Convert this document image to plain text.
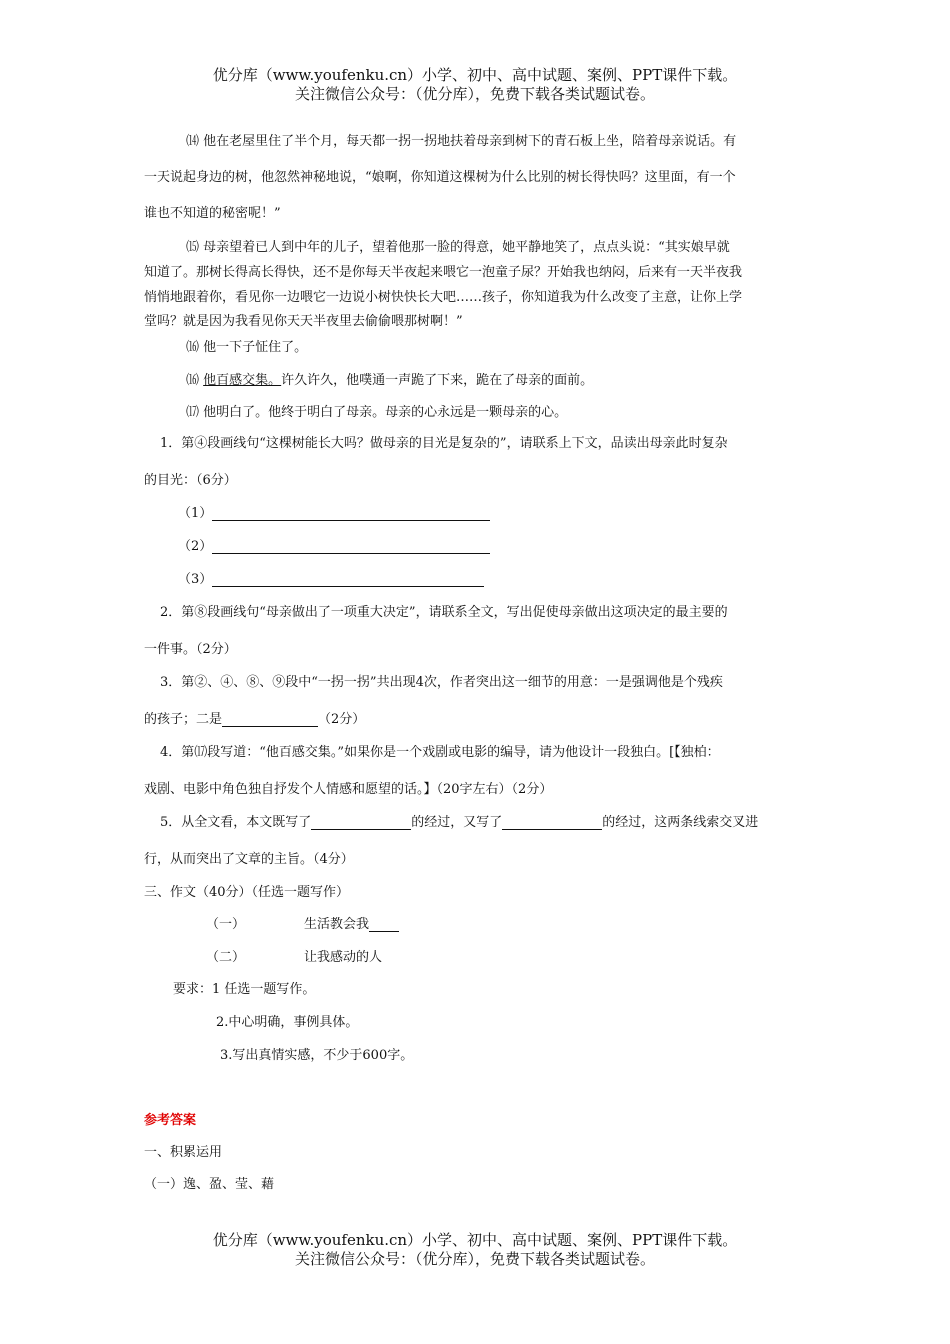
优分库（www.youfenku.cn）小学、初中、高中试题、案例、PPT课件下载。
关注微信公众号：（优分库），免费下载各类试题试卷。
⒁ 他在老屋里住了半个月，每天都一拐一拐地扶着母亲到树下的青石板上坐，陪着母亲说话。有
一天说起身边的树，他忽然神秘地说，“娘啊，你知道这棵树为什么比别的树长得快吗？这里面，有一个
谁也不知道的秘密呢！”
⒂ 母亲望着已人到中年的儿子，望着他那一脸的得意，她平静地笑了，点点头说：“其实娘早就
知道了。那树长得高长得快，还不是你每天半夜起来喂它一泡童子尿？开始我也纳闷，后来有一天半夜我
悄悄地跟着你，看见你一边喂它一边说小树快快长大吧……孩子，你知道我为什么改变了主意，让你上学
堂吗？就是因为我看见你天天半夜里去偷偷喂那树啊！”
⒃ 他一下子怔住了。
⒃ 他百感交集。许久许久，他噗通一声跪了下来，跪在了母亲的面前。
⒄ 他明白了。他终于明白了母亲。母亲的心永远是一颗母亲的心。
1．第④段画线句“这棵树能长大吗？做母亲的目光是复杂的”，请联系上下文，品读出母亲此时复杂
的目光：（6分）
（1）
（2）
（3）
2．第⑧段画线句“母亲做出了一项重大决定”，请联系全文，写出促使母亲做出这项决定的最主要的
一件事。（2分）
3．第②、④、⑧、⑨段中“一拐一拐”共出现4次，作者突出这一细节的用意：一是强调他是个残疾
的孩子；二是	（2分）
4．第⒄段写道：“他百感交集。”如果你是一个戏剧或电影的编导，请为他设计一段独白。[【独柏：
戏剧、电影中角色独自抒发个人情感和愿望的话。】（20字左右）（2分）
5．从全文看，本文既写了	的经过，又写了	的经过，这两条线索交叉进
行，从而突出了文章的主旨。（4分）
三、作文（40分）（任选一题写作）
（一）	生活教会我
（二）	让我感动的人
要求：1 任选一题写作。
2.中心明确，事例具体。
3.写出真情实感，不少于600字。
参考答案
一、积累运用
（一）逸、盈、莹、藉
优分库（www.youfenku.cn）小学、初中、高中试题、案例、PPT课件下载。
关注微信公众号：（优分库），免费下载各类试题试卷。
